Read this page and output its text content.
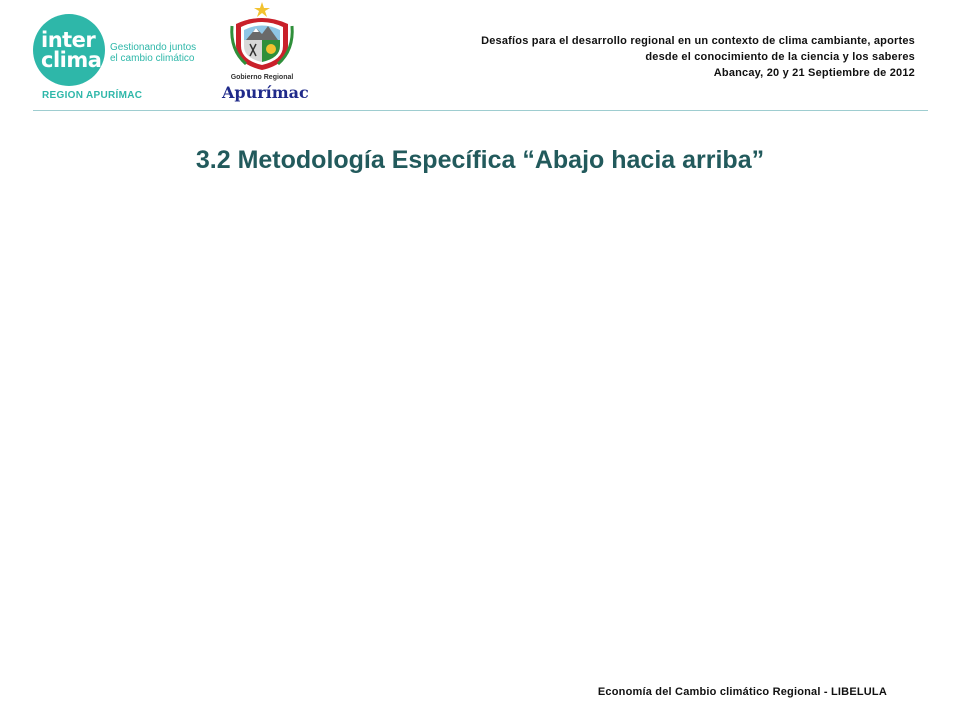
inter
clima
Gestionando juntos
el cambio climático
REGION APURÍMAC
Gobierno Regional
Apurímac
Desafíos para el desarrollo regional en un contexto de clima cambiante, aportes
desde el conocimiento de la ciencia y los saberes
Abancay, 20 y 21 Septiembre de 2012
3.2 Metodología Específica “Abajo hacia arriba”
Economía del Cambio climático Regional - LIBELULA
